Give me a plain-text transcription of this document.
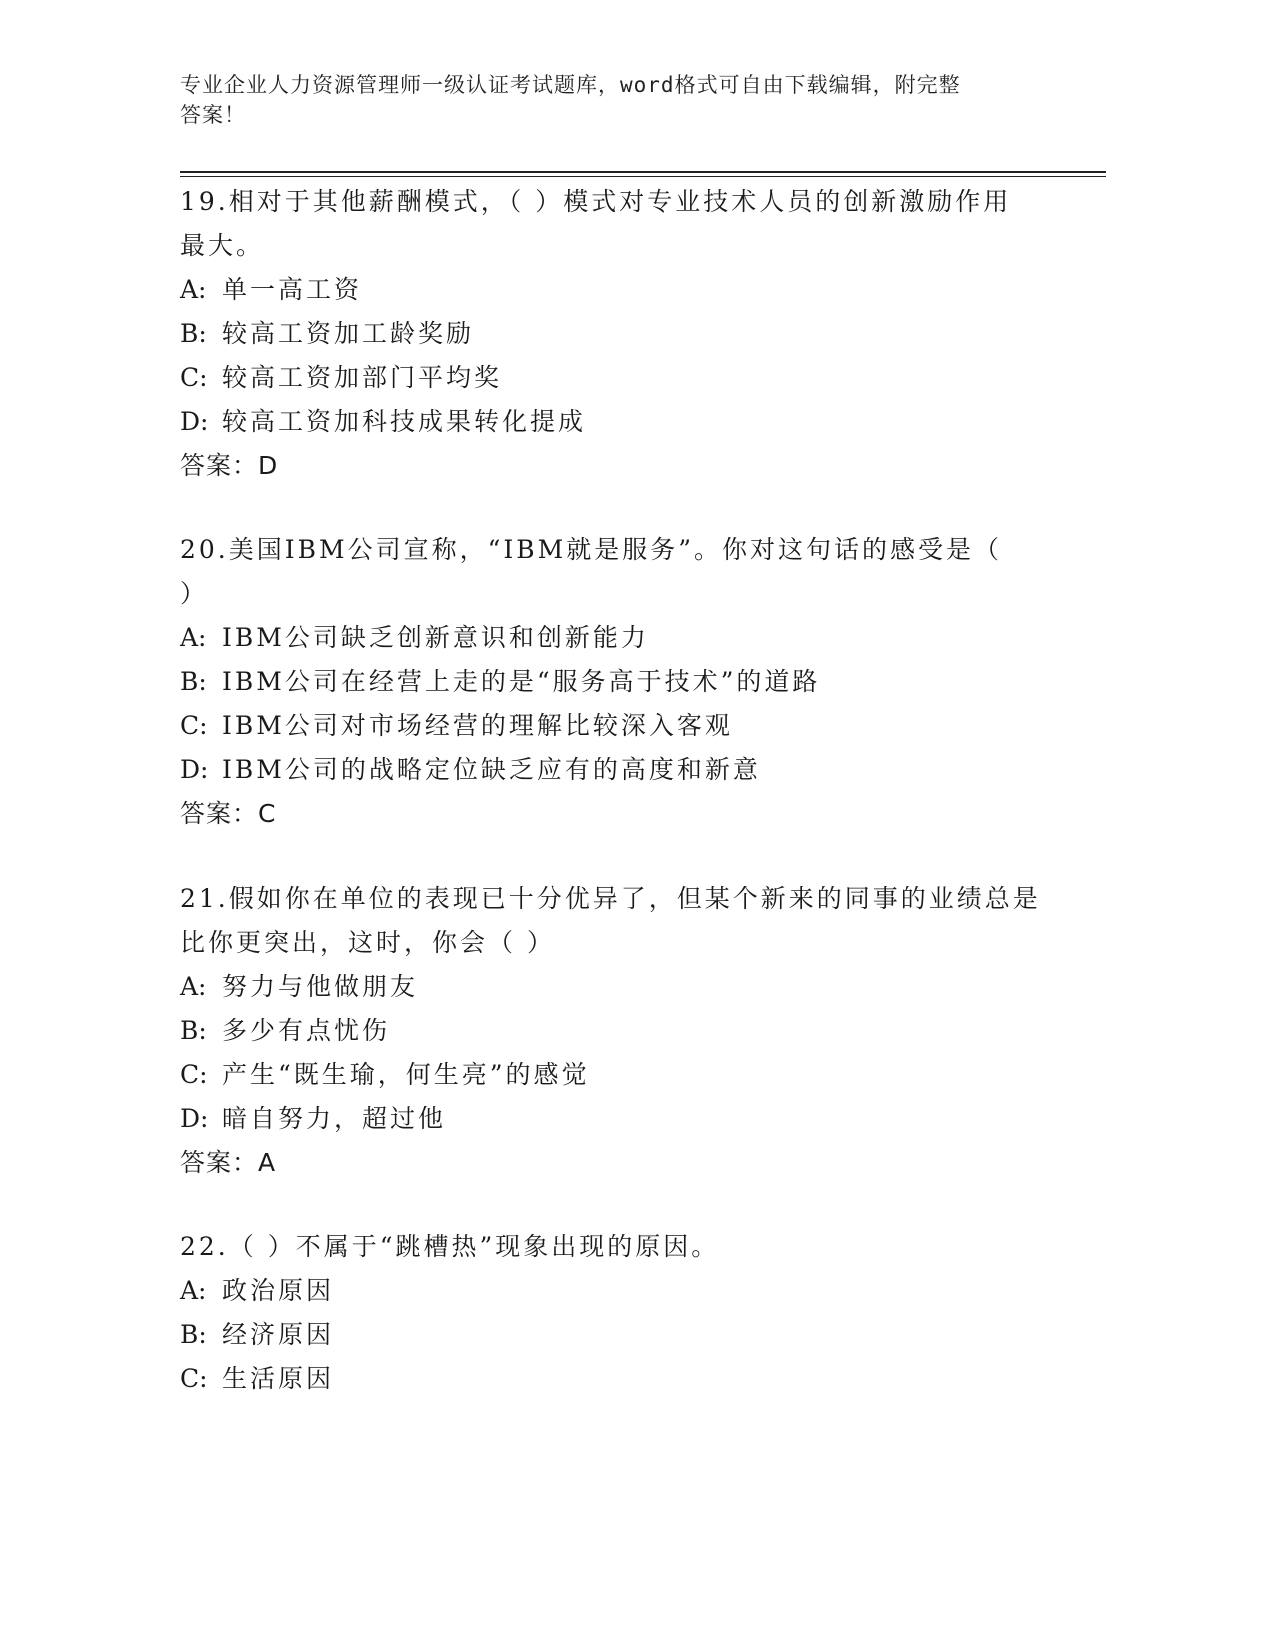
专业企业人力资源管理师一级认证考试题库，word格式可自由下载编辑，附完整
答案！
19.相对于其他薪酬模式，（ ）模式对专业技术人员的创新激励作用
最大。
A: 单一高工资
B: 较高工资加工龄奖励
C: 较高工资加部门平均奖
D: 较高工资加科技成果转化提成
答案：D
20.美国IBM公司宣称，“IBM就是服务”。你对这句话的感受是（
）
A: IBM公司缺乏创新意识和创新能力
B: IBM公司在经营上走的是“服务高于技术”的道路
C: IBM公司对市场经营的理解比较深入客观
D: IBM公司的战略定位缺乏应有的高度和新意
答案：C
21.假如你在单位的表现已十分优异了，但某个新来的同事的业绩总是
比你更突出，这时，你会（ ）
A: 努力与他做朋友
B: 多少有点忧伤
C: 产生“既生瑜，何生亮”的感觉
D: 暗自努力，超过他
答案：A
22.（ ）不属于“跳槽热”现象出现的原因。
A: 政治原因
B: 经济原因
C: 生活原因
